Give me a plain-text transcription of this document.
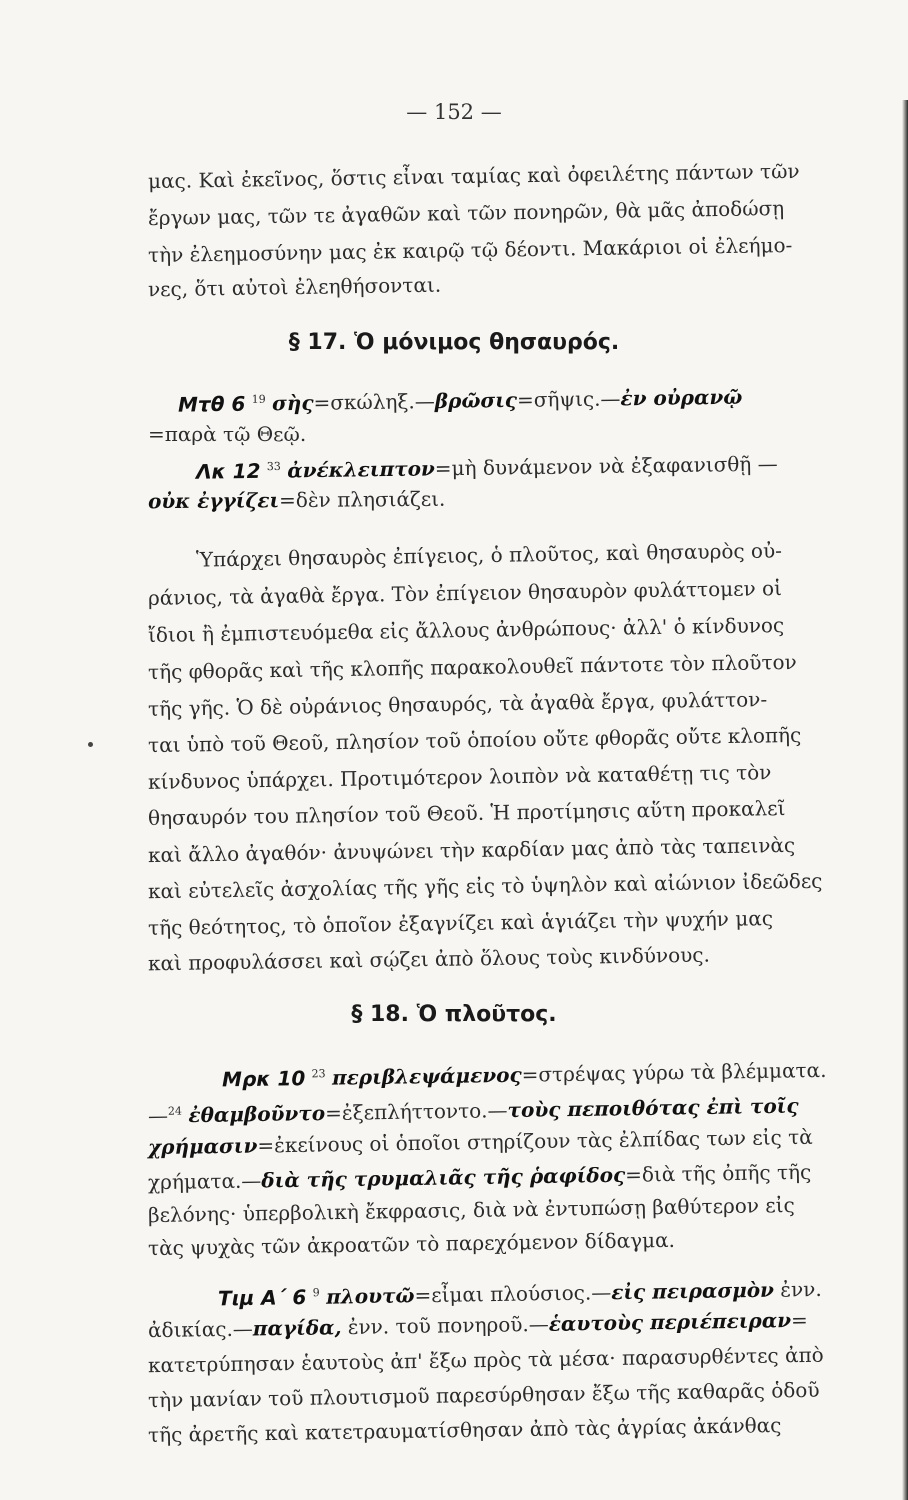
— 152 —
μας. Καὶ ἐκεῖνος, ὅστις εἶναι ταμίας καὶ ὀφειλέτης πάντων τῶν
ἔργων μας, τῶν τε ἀγαθῶν καὶ τῶν πονηρῶν, θὰ μᾶς ἀποδώσῃ
τὴν ἐλεημοσύνην μας ἐκ καιρῷ τῷ δέοντι. Μακάριοι οἱ ἐλεήμο-
νες, ὅτι αὐτοὶ ἐλεηθήσονται.
§ 17. Ὁ μόνιμος θησαυρός.
Μτθ 6 $^{19}$ σὴς=σκώληξ.—βρῶσις=σῆψις.—ἐν οὐρανῷ
=παρὰ τῷ Θεῷ.
Λκ 12 $^{33}$ ἀνέκλειπτον=μὴ δυνάμενον νὰ ἐξαφανισθῇ —
οὐκ ἐγγίζει=δὲν πλησιάζει.
Ὑπάρχει θησαυρὸς ἐπίγειος, ὁ πλοῦτος, καὶ θησαυρὸς οὐ-
ράνιος, τὰ ἀγαθὰ ἔργα. Τὸν ἐπίγειον θησαυρὸν φυλάττομεν οἱ
ἴδιοι ἢ ἐμπιστευόμεθα εἰς ἄλλους ἀνθρώπους· ἀλλ' ὁ κίνδυνος
τῆς φθορᾶς καὶ τῆς κλοπῆς παρακολουθεῖ πάντοτε τὸν πλοῦτον
τῆς γῆς. Ὁ δὲ οὐράνιος θησαυρός, τὰ ἀγαθὰ ἔργα, φυλάττον-
ται ὑπὸ τοῦ Θεοῦ, πλησίον τοῦ ὁποίου οὔτε φθορᾶς οὔτε κλοπῆς
κίνδυνος ὑπάρχει. Προτιμότερον λοιπὸν νὰ καταθέτῃ τις τὸν
θησαυρόν του πλησίον τοῦ Θεοῦ. Ἡ προτίμησις αὕτη προκαλεῖ
καὶ ἄλλο ἀγαθόν· ἀνυψώνει τὴν καρδίαν μας ἀπὸ τὰς ταπεινὰς
καὶ εὐτελεῖς ἀσχολίας τῆς γῆς εἰς τὸ ὑψηλὸν καὶ αἰώνιον ἰδεῶδες
τῆς θεότητος, τὸ ὁποῖον ἐξαγνίζει καὶ ἁγιάζει τὴν ψυχήν μας
καὶ προφυλάσσει καὶ σῴζει ἀπὸ ὅλους τοὺς κινδύνους.
§ 18. Ὁ πλοῦτος.
Μρκ 10 $^{23}$ περιβλεψάμενος=στρέψας γύρω τὰ βλέμματα.
—$^{24}$ ἐθαμβοῦντο=ἐξεπλήττοντο.—τοὺς πεποιθότας ἐπὶ τοῖς
χρήμασιν=ἐκείνους οἱ ὁποῖοι στηρίζουν τὰς ἐλπίδας των εἰς τὰ
χρήματα.—διὰ τῆς τρυμαλιᾶς τῆς ῥαφίδος=διὰ τῆς ὀπῆς τῆς
βελόνης· ὑπερβολικὴ ἔκφρασις, διὰ νὰ ἐντυπώσῃ βαθύτερον εἰς
τὰς ψυχὰς τῶν ἀκροατῶν τὸ παρεχόμενον δίδαγμα.
Τιμ Α΄ 6 $^9$ πλουτῶ=εἶμαι πλούσιος.—εἰς πειρασμὸν ἐνν.
ἀδικίας.—παγίδα, ἐνν. τοῦ πονηροῦ.—ἑαυτοὺς περιέπειραν=
κατετρύπησαν ἑαυτοὺς ἀπ' ἔξω πρὸς τὰ μέσα· παρασυρθέντες ἀπὸ
τὴν μανίαν τοῦ πλουτισμοῦ παρεσύρθησαν ἔξω τῆς καθαρᾶς ὁδοῦ
τῆς ἀρετῆς καὶ κατετραυματίσθησαν ἀπὸ τὰς ἀγρίας ἀκάνθας
